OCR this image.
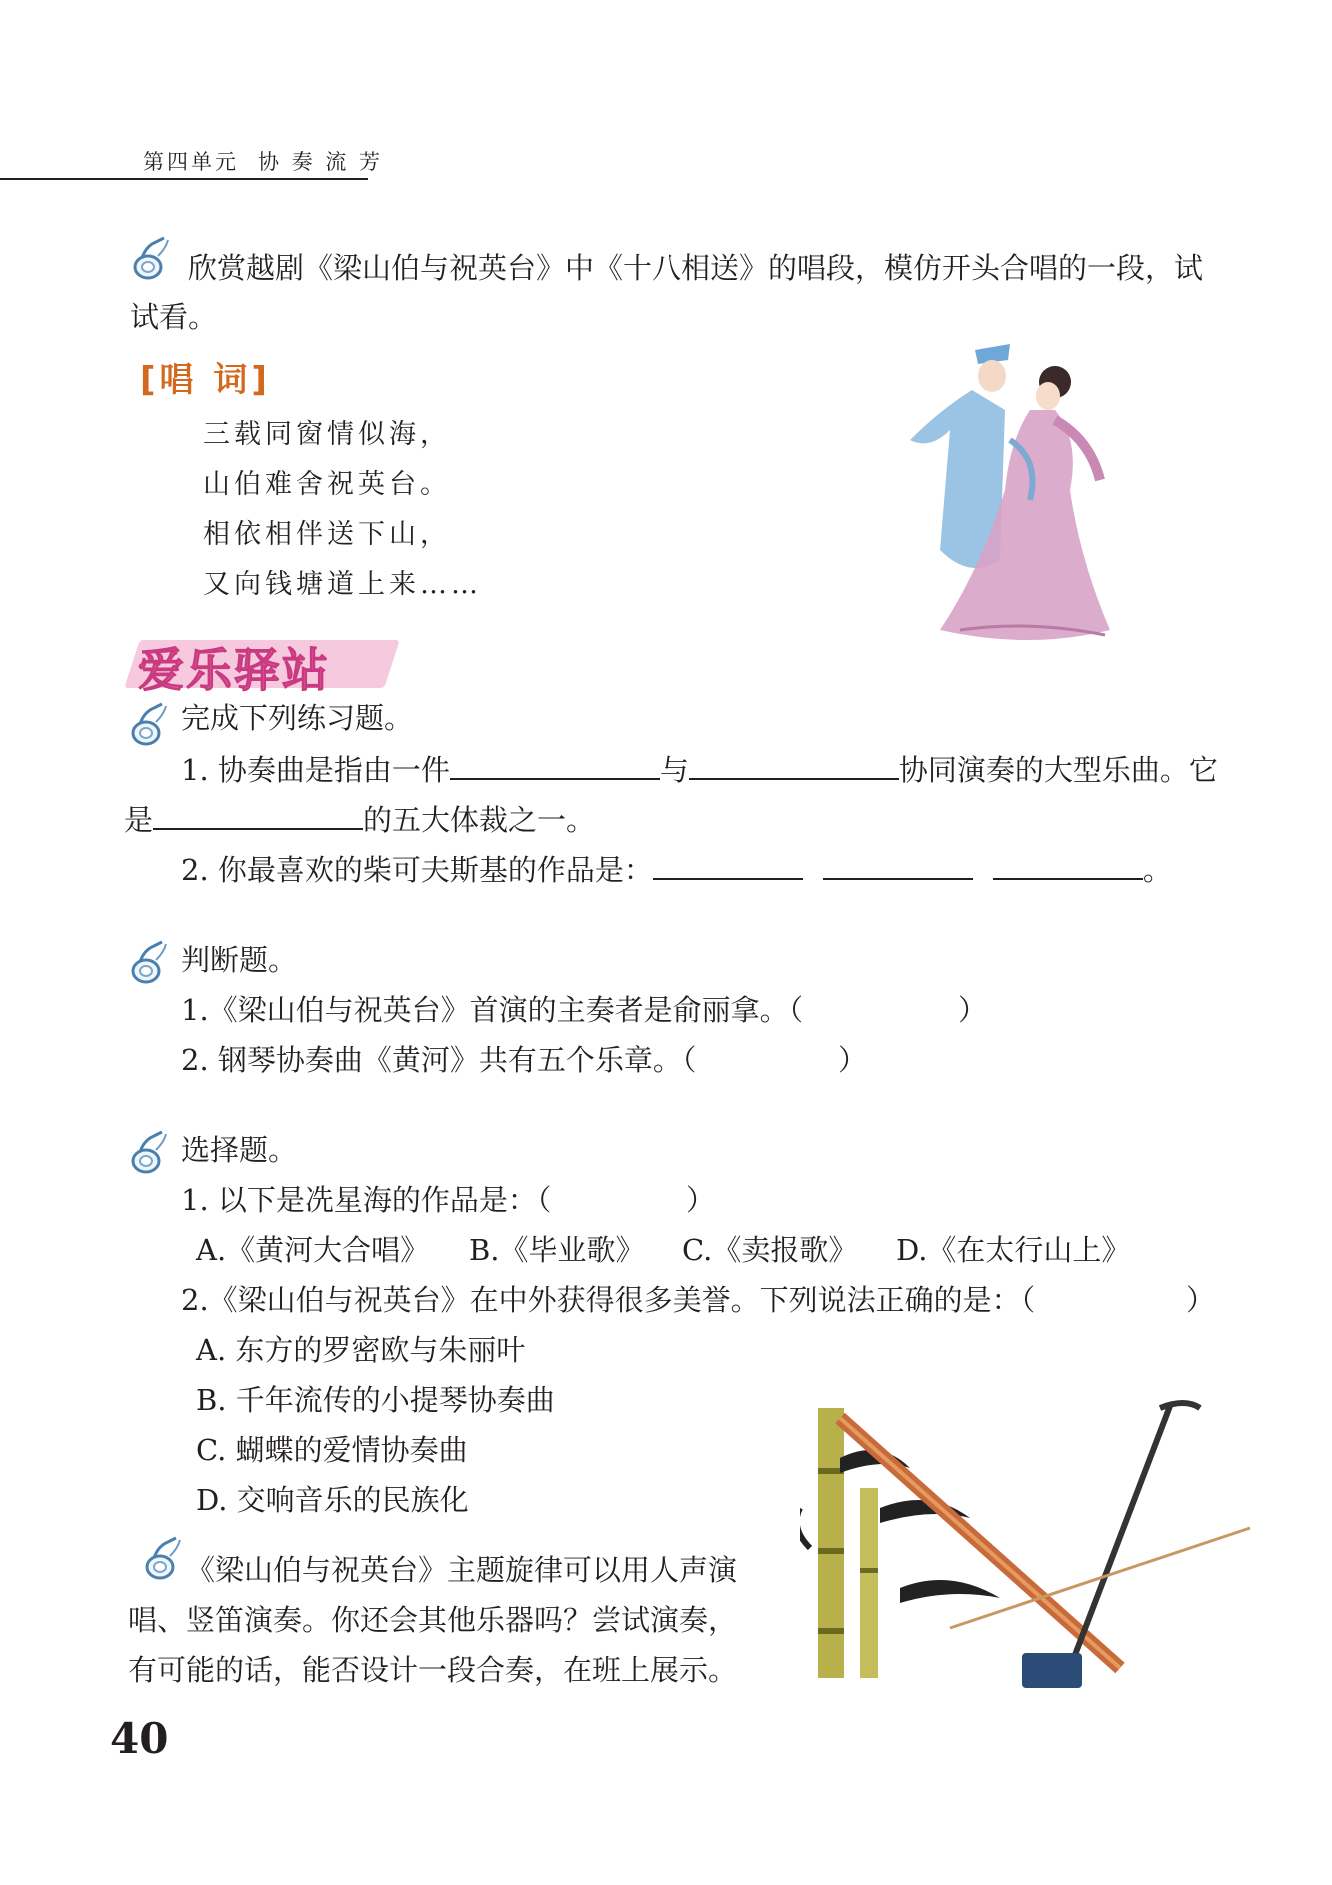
第四单元 协 奏 流 芳
欣赏越剧《梁山伯与祝英台》中《十八相送》的唱段，模仿开头合唱的一段，试
试看。
[唱 词]
三载同窗情似海，
山伯难舍祝英台。
相依相伴送下山，
又向钱塘道上来……
爱乐驿站
完成下列练习题。
1. 协奏曲是指由一件	与	协同演奏的大型乐曲。它
是	的五大体裁之一。
2. 你最喜欢的柴可夫斯基的作品是：	。
判断题。
1.《梁山伯与祝英台》首演的主奏者是俞丽拿。（	）
2. 钢琴协奏曲《黄河》共有五个乐章。（	）
选择题。
1. 以下是冼星海的作品是：（	）
A.《黄河大合唱》 B.《毕业歌》 C.《卖报歌》 D.《在太行山上》
2.《梁山伯与祝英台》在中外获得很多美誉。下列说法正确的是：（	）
A. 东方的罗密欧与朱丽叶
B. 千年流传的小提琴协奏曲
C. 蝴蝶的爱情协奏曲
D. 交响音乐的民族化
《梁山伯与祝英台》主题旋律可以用人声演
唱、竖笛演奏。你还会其他乐器吗？尝试演奏，
有可能的话，能否设计一段合奏，在班上展示。
40
